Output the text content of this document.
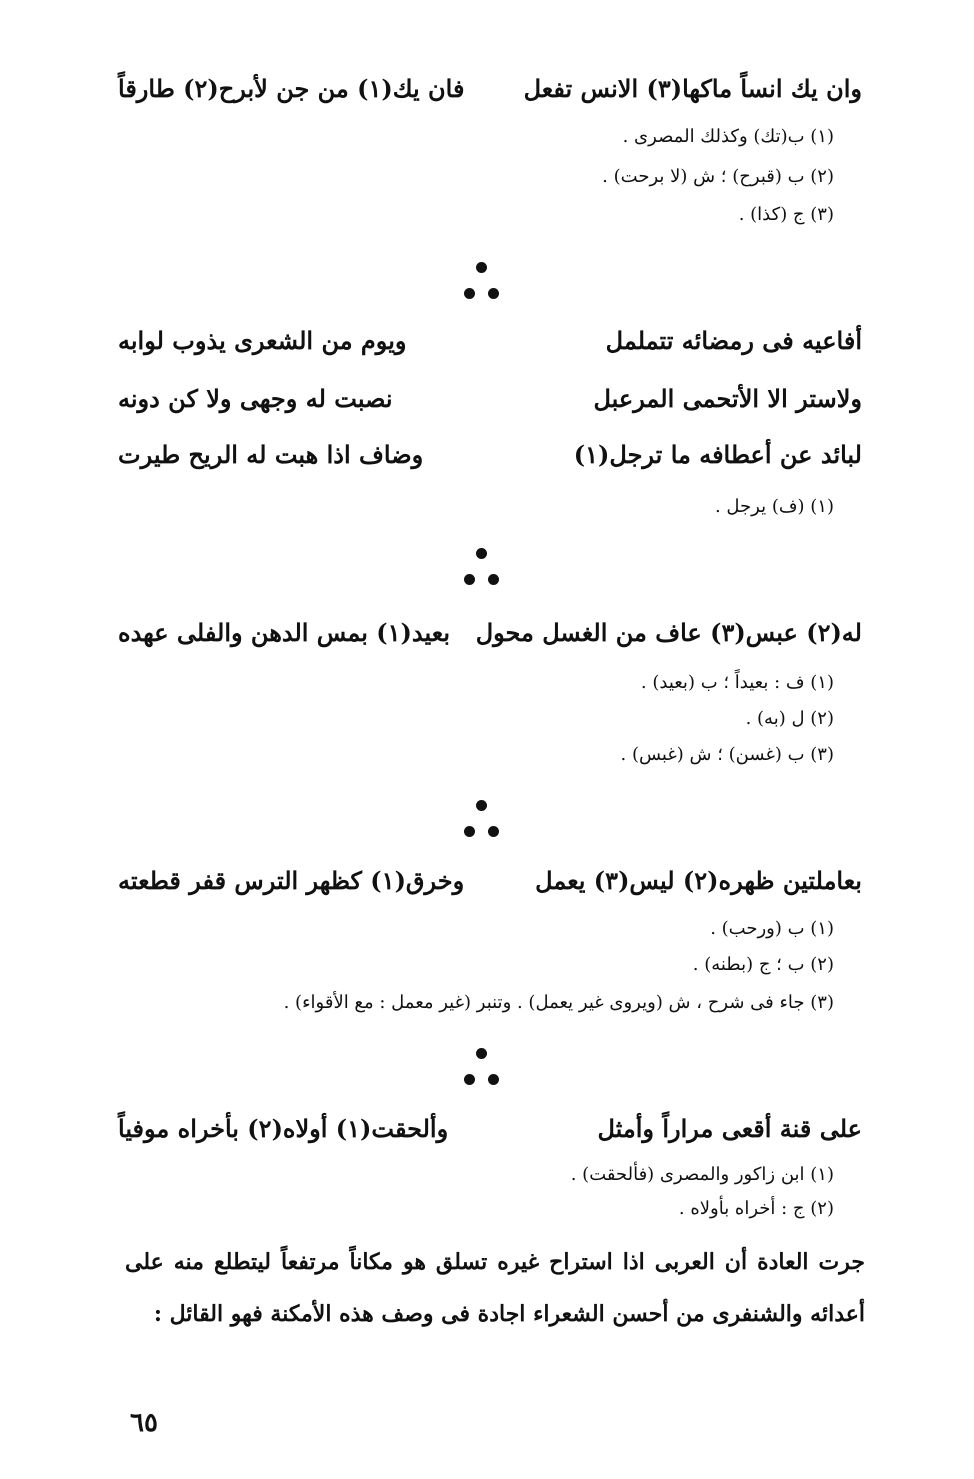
فان يك(١) من جن لأبرح(٢) طارقاً وان يك انساً ماكها(٣) الانس تفعل
(١) ب(تك) وكذلك المصرى .
(٢) ب (قبرح) ؛ ش (لا برحت) .
(٣) ج (كذا) .
ويوم من الشعرى يذوب لوابه	أفاعيه فى رمضائه تتململ
نصبت له وجهى ولا كن دونه	ولاستر الا الأتحمى المرعبل
وضاف اذا هبت له الريح طيرت	لبائد عن أعطافه ما ترجل(١)
(١) (ف) يرجل .
بعيد(١) بمس الدهن والفلى عهده له(٢) عبس(٣) عاف من الغسل محول
(١) ف : بعيداً ؛ ب (بعيد) .
(٢) ل (به) .
(٣) ب (غسن) ؛ ش (غبس) .
وخرق(١) كظهر الترس قفر قطعته	بعاملتين ظهره(٢) ليس(٣) يعمل
(١) ب (ورحب) .
(٢) ب ؛ ج (بطنه) .
(٣) جاء فى شرح ، ش (ويروى غير يعمل) . وتنبر (غير معمل : مع الأقواء) .
وألحقت(١) أولاه(٢) بأخراه موفياً	على قنة أقعى مراراً وأمثل
(١) ابن زاكور والمصرى (فألحقت) .
(٢) ج : أخراه بأولاه .
جرت العادة أن العربى اذا استراح غيره تسلق هو مكاناً مرتفعاً ليتطلع منه على أعدائه والشنفرى من أحسن الشعراء اجادة فى وصف هذه الأمكنة فهو القائل :
٦٥
